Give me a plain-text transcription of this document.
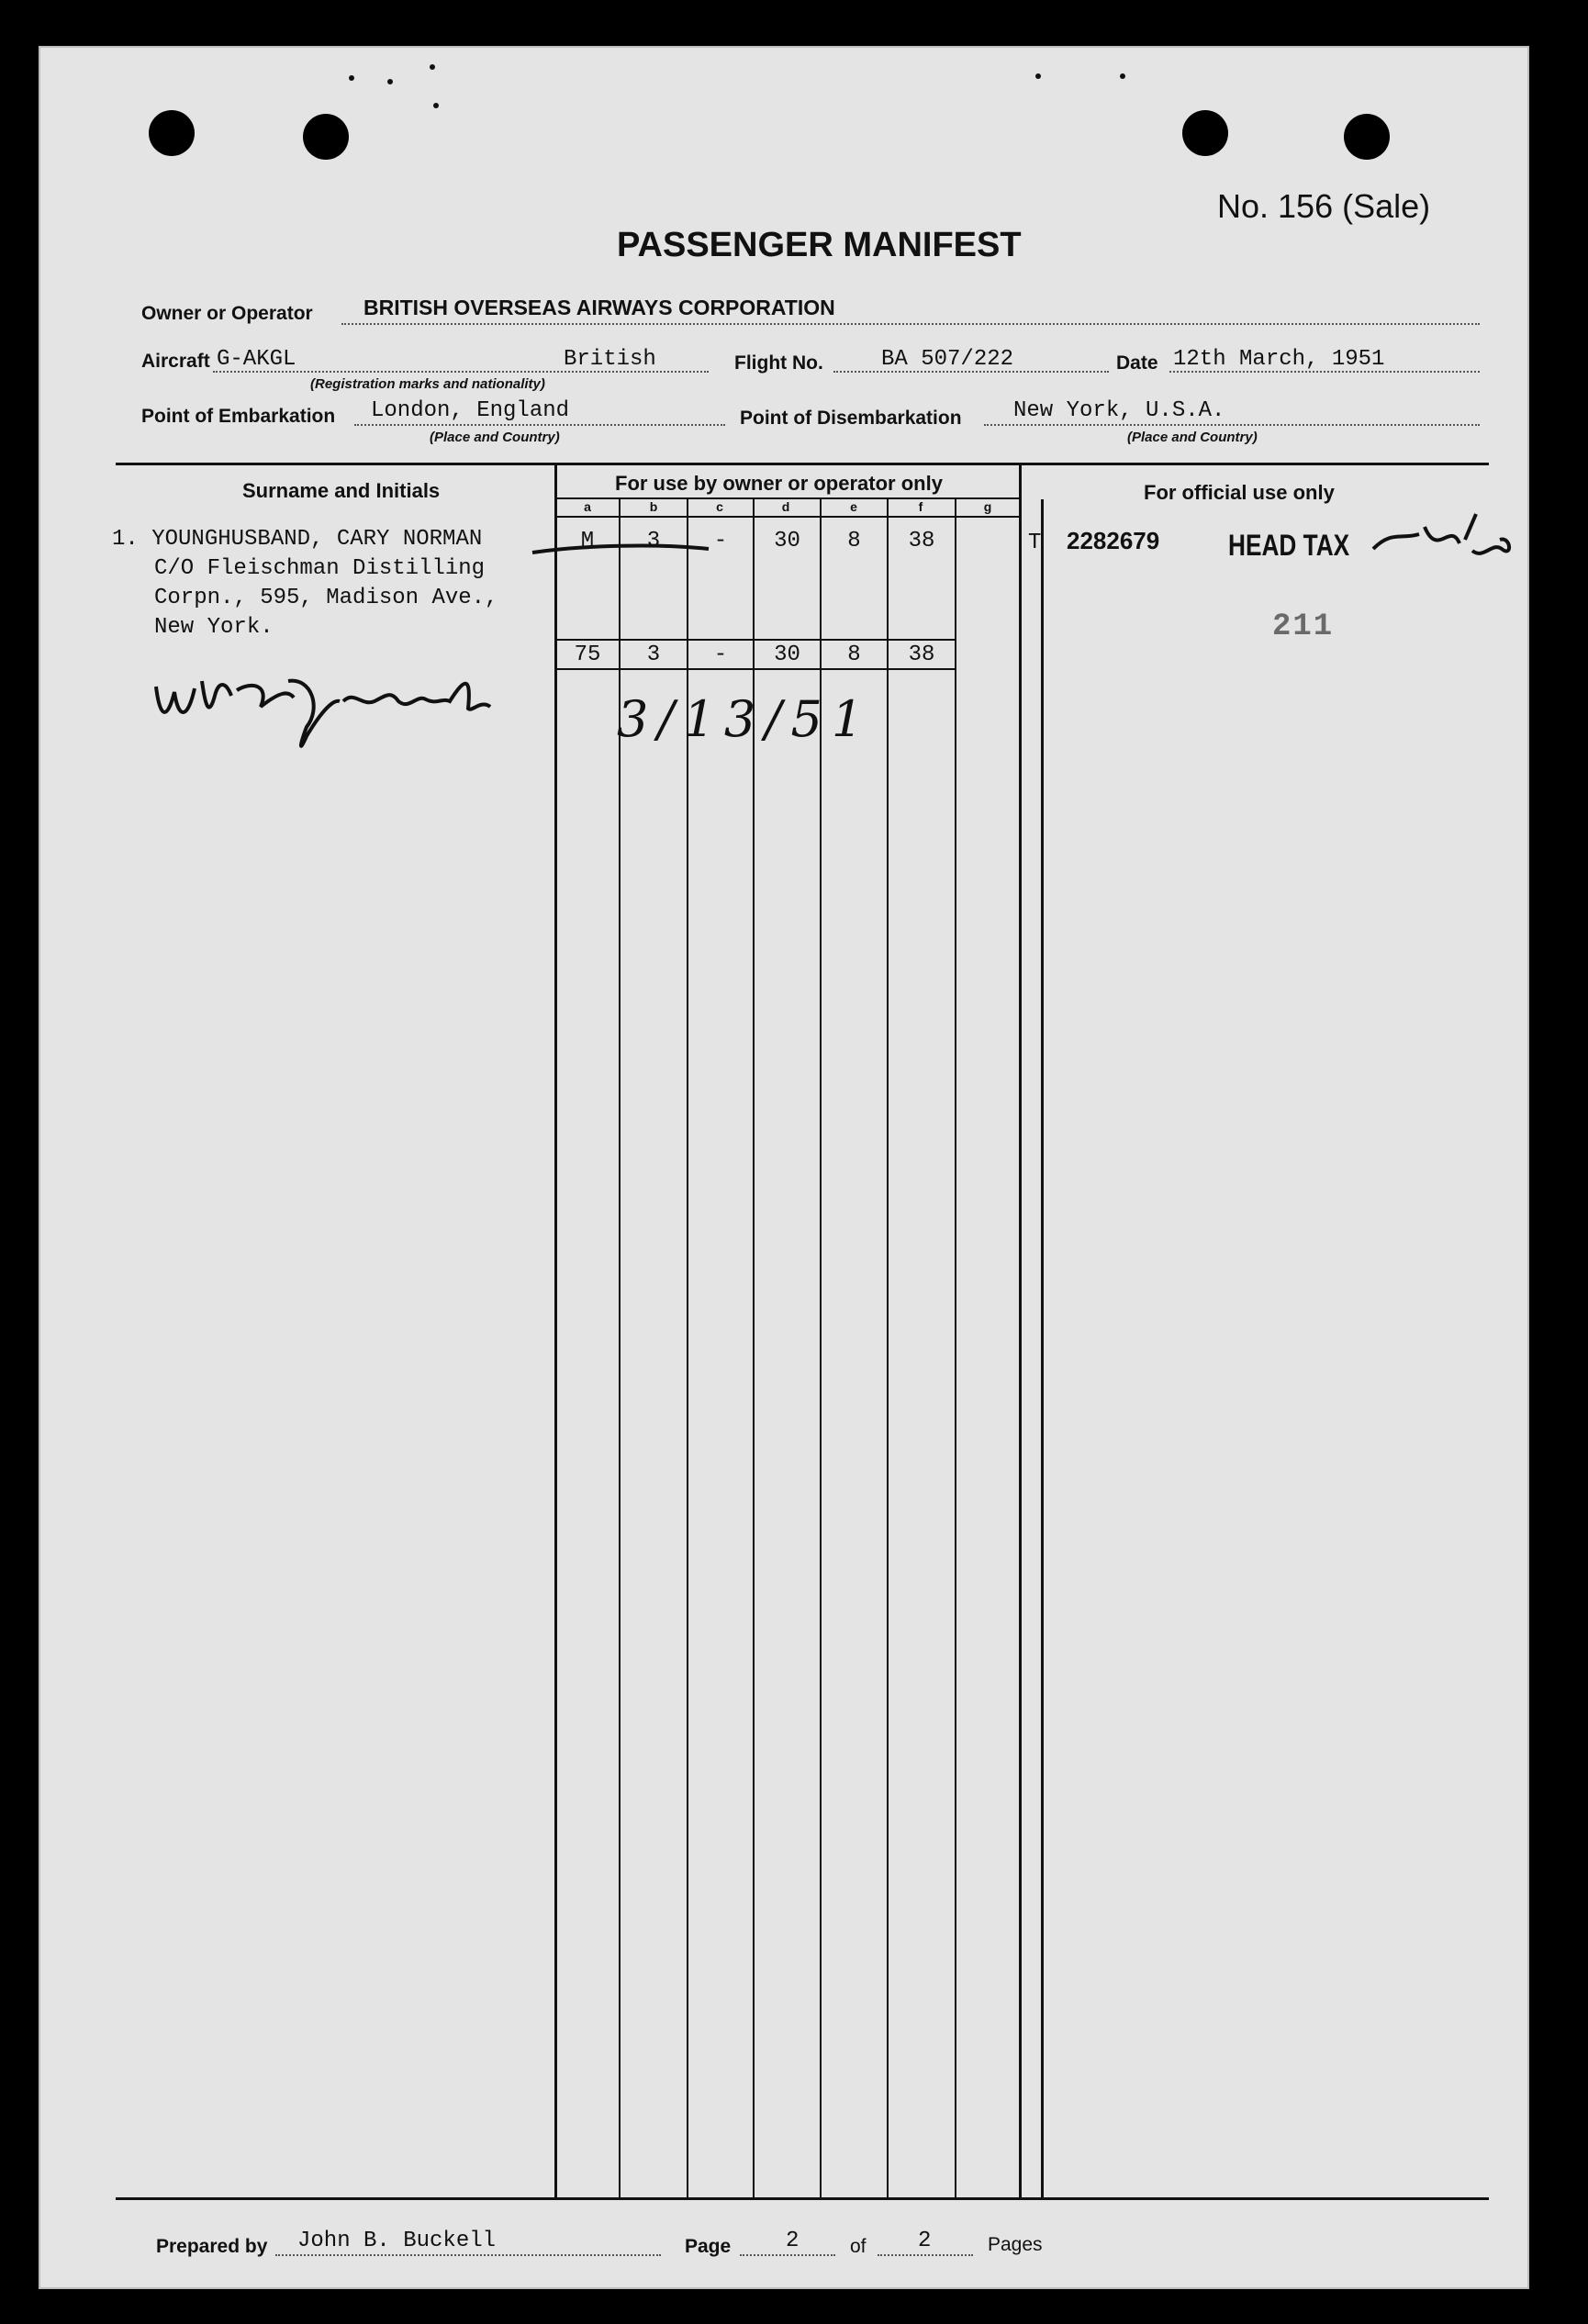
No. 156 (Sale)
PASSENGER MANIFEST
Owner or Operator BRITISH OVERSEAS AIRWAYS CORPORATION
Aircraft G-AKGL	British
(Registration marks and nationality)
Flight No.	BA 507/222	Date 12th March, 1951
Point of Embarkation London, England
(Place and Country)
Point of Disembarkation New York, U.S.A.
(Place and Country)
Surname and Initials	For use by owner or operator only	For official use only
a	b	c	d	e	f	g
1. YOUNGHUSBAND, CARY NORMAN
C/O Fleischman Distilling
Corpn., 595, Madison Ave.,
New York.
M	3	-	30	8	38
75	3	-	30	8	38
T 2282679 HEAD TAX
211
3/13/51
Prepared by John B. Buckell	Page 2	of 2	Pages
